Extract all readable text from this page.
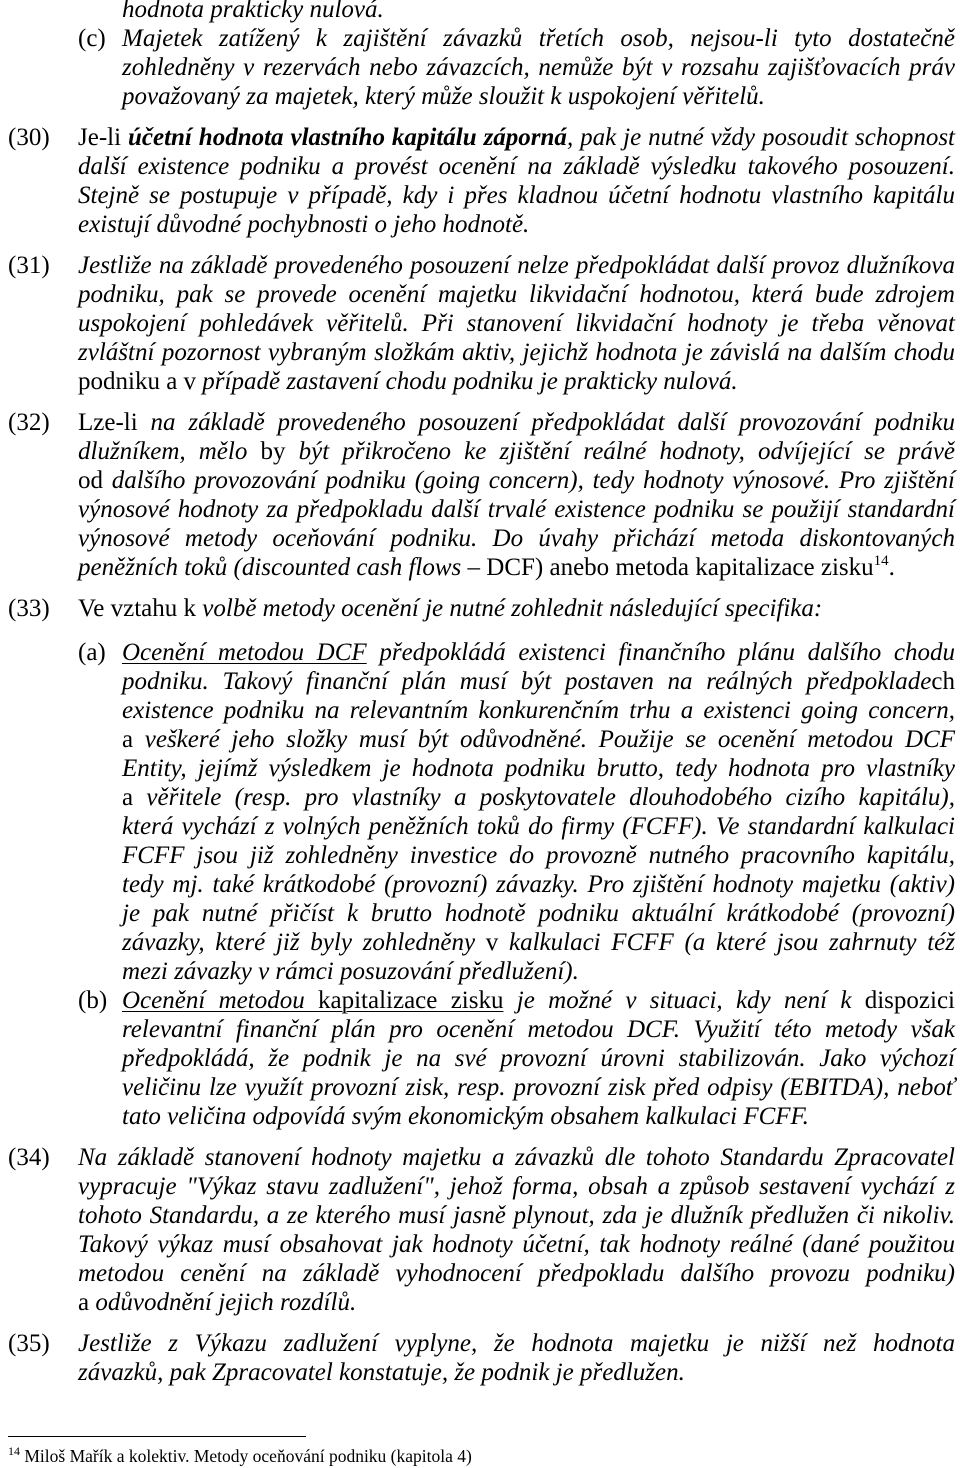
hodnota prakticky nulová.
(c) Majetek zatížený k zajištění závazků třetích osob, nejsou-li tyto dostatečně
zohledněny v rezervách nebo závazcích, nemůže být v rozsahu zajišťovacích práv
považovaný za majetek, který může sloužit k uspokojení věřitelů.
(30) Je-li účetní hodnota vlastního kapitálu záporná, pak je nutné vždy posoudit schopnost
další existence podniku a provést ocenění na základě výsledku takového posouzení.
Stejně se postupuje v případě, kdy i přes kladnou účetní hodnotu vlastního kapitálu
existují důvodné pochybnosti o jeho hodnotě.
(31) Jestliže na základě provedeného posouzení nelze předpokládat další provoz dlužníkova
podniku, pak se provede ocenění majetku likvidační hodnotou, která bude zdrojem
uspokojení pohledávek věřitelů. Při stanovení likvidační hodnoty je třeba věnovat
zvláštní pozornost vybraným složkám aktiv, jejichž hodnota je závislá na dalším chodu
podniku a v případě zastavení chodu podniku je prakticky nulová.
(32) Lze-li na základě provedeného posouzení předpokládat další provozování podniku
dlužníkem, mělo by být přikročeno ke zjištění reálné hodnoty, odvíjející se právě
od dalšího provozování podniku (going concern), tedy hodnoty výnosové. Pro zjištění
výnosové hodnoty za předpokladu další trvalé existence podniku se použijí standardní
výnosové metody oceňování podniku. Do úvahy přichází metoda diskontovaných
peněžních toků (discounted cash flows – DCF) anebo metoda kapitalizace zisku$^{14}$.
(33) Ve vztahu k volbě metody ocenění je nutné zohlednit následující specifika:
(a) Ocenění metodou DCF předpokládá existenci finančního plánu dalšího chodu
podniku. Takový finanční plán musí být postaven na reálných předpokladech
existence podniku na relevantním konkurenčním trhu a existenci going concern,
a veškeré jeho složky musí být odůvodněné. Použije se ocenění metodou DCF
Entity, jejímž výsledkem je hodnota podniku brutto, tedy hodnota pro vlastníky
a věřitele (resp. pro vlastníky a poskytovatele dlouhodobého cizího kapitálu),
která vychází z volných peněžních toků do firmy (FCFF). Ve standardní kalkulaci
FCFF jsou již zohledněny investice do provozně nutného pracovního kapitálu,
tedy mj. také krátkodobé (provozní) závazky. Pro zjištění hodnoty majetku (aktiv)
je pak nutné přičíst k brutto hodnotě podniku aktuální krátkodobé (provozní)
závazky, které již byly zohledněny v kalkulaci FCFF (a které jsou zahrnuty též
mezi závazky v rámci posuzování předlužení).
(b) Ocenění metodou kapitalizace zisku je možné v situaci, kdy není k dispozici
relevantní finanční plán pro ocenění metodou DCF. Využití této metody však
předpokládá, že podnik je na své provozní úrovni stabilizován. Jako výchozí
veličinu lze využít provozní zisk, resp. provozní zisk před odpisy (EBITDA), neboť
tato veličina odpovídá svým ekonomickým obsahem kalkulaci FCFF.
(34) Na základě stanovení hodnoty majetku a závazků dle tohoto Standardu Zpracovatel
vypracuje "Výkaz stavu zadlužení", jehož forma, obsah a způsob sestavení vychází z
tohoto Standardu, a ze kterého musí jasně plynout, zda je dlužník předlužen či nikoliv.
Takový výkaz musí obsahovat jak hodnoty účetní, tak hodnoty reálné (dané použitou
metodou cenění na základě vyhodnocení předpokladu dalšího provozu podniku)
a odůvodnění jejich rozdílů.
(35) Jestliže z Výkazu zadlužení vyplyne, že hodnota majetku je nižší než hodnota
závazků, pak Zpracovatel konstatuje, že podnik je předlužen.
$^{14}$ Miloš Mařík a kolektiv. Metody oceňování podniku (kapitola 4)
